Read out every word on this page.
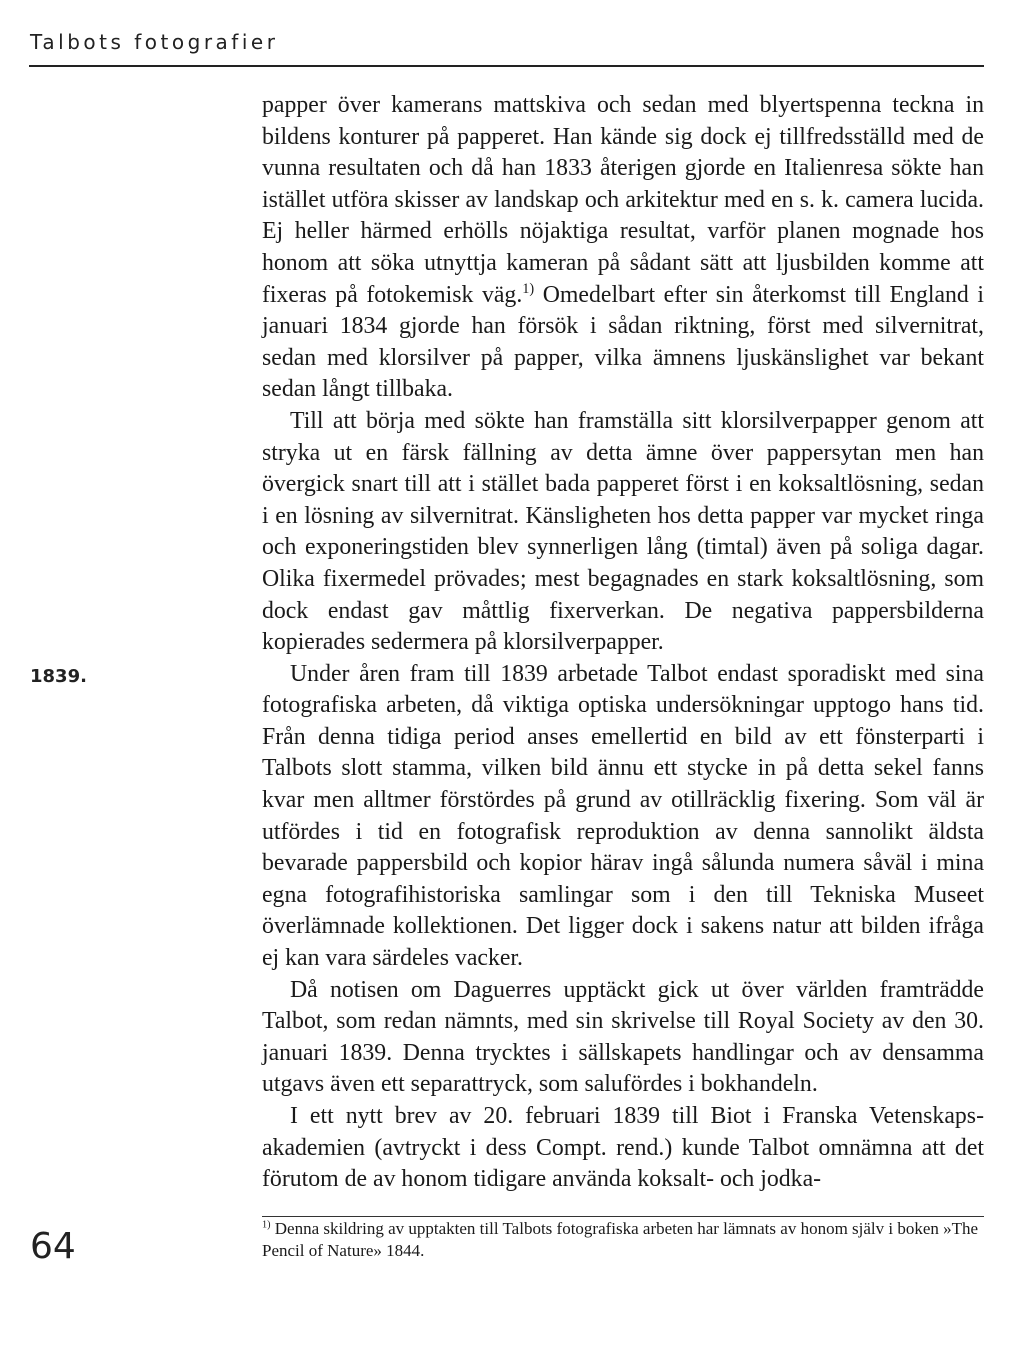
Talbots fotografier
1839.

papper över kamerans mattskiva och sedan med blyertspenna teckna in bildens konturer på papperet. Han kände sig dock ej tillfredsställd med de vunna resultaten och då han 1833 återigen gjorde en Italienresa sökte han istället utföra skisser av landskap och arkitektur med en s. k. camera lucida. Ej heller härmed erhölls nöjaktiga resultat, varför planen mognade hos honom att söka utnyttja kameran på sådant sätt att ljusbilden komme att fixeras på fotokemisk väg.$^{1)}$ Omedelbart efter sin återkomst till England i januari 1834 gjorde han försök i sådan riktning, först med silvernitrat, sedan med klorsilver på papper, vilka ämnens ljuskänslighet var bekant sedan långt tillbaka.

Till att börja med sökte han framställa sitt klorsilverpapper genom att stryka ut en färsk fällning av detta ämne över pappersytan men han övergick snart till att i stället bada papperet först i en koksaltlösning, sedan i en lösning av silvernitrat. Känsligheten hos detta papper var mycket ringa och exponeringstiden blev synnerligen lång (timtal) även på soliga dagar. Olika fixermedel prövades; mest begagnades en stark koksaltlösning, som dock endast gav måttlig fixerverkan. De negativa pappersbilderna kopierades sedermera på klorsilverpapper.

Under åren fram till 1839 arbetade Talbot endast sporadiskt med sina fotografiska arbeten, då viktiga optiska undersökningar upptogo hans tid. Från denna tidiga period anses emellertid en bild av ett fönsterparti i Talbots slott stamma, vilken bild ännu ett stycke in på detta sekel fanns kvar men alltmer förstördes på grund av otillräcklig fixering. Som väl är utfördes i tid en fotografisk reproduktion av denna sannolikt äldsta bevarade pappersbild och kopior härav ingå sålunda numera såväl i mina egna fotografihistoriska samlingar som i den till Tekniska Museet överlämnade kollektionen. Det ligger dock i sakens natur att bilden ifråga ej kan vara särdeles vacker.

Då notisen om Daguerres upptäckt gick ut över världen framträdde Talbot, som redan nämnts, med sin skrivelse till Royal Society av den 30. januari 1839. Denna trycktes i sällskapets handlingar och av densamma utgavs även ett separattryck, som salufördes i bokhandeln.

I ett nytt brev av 20. februari 1839 till Biot i Franska Vetenskapsakademien (avtryckt i dess Compt. rend.) kunde Talbot omnämna att det förutom de av honom tidigare använda koksalt- och jodka-

$^{1)}$ Denna skildring av upptakten till Talbots fotografiska arbeten har lämnats av honom själv i boken »The Pencil of Nature» 1844.
64
